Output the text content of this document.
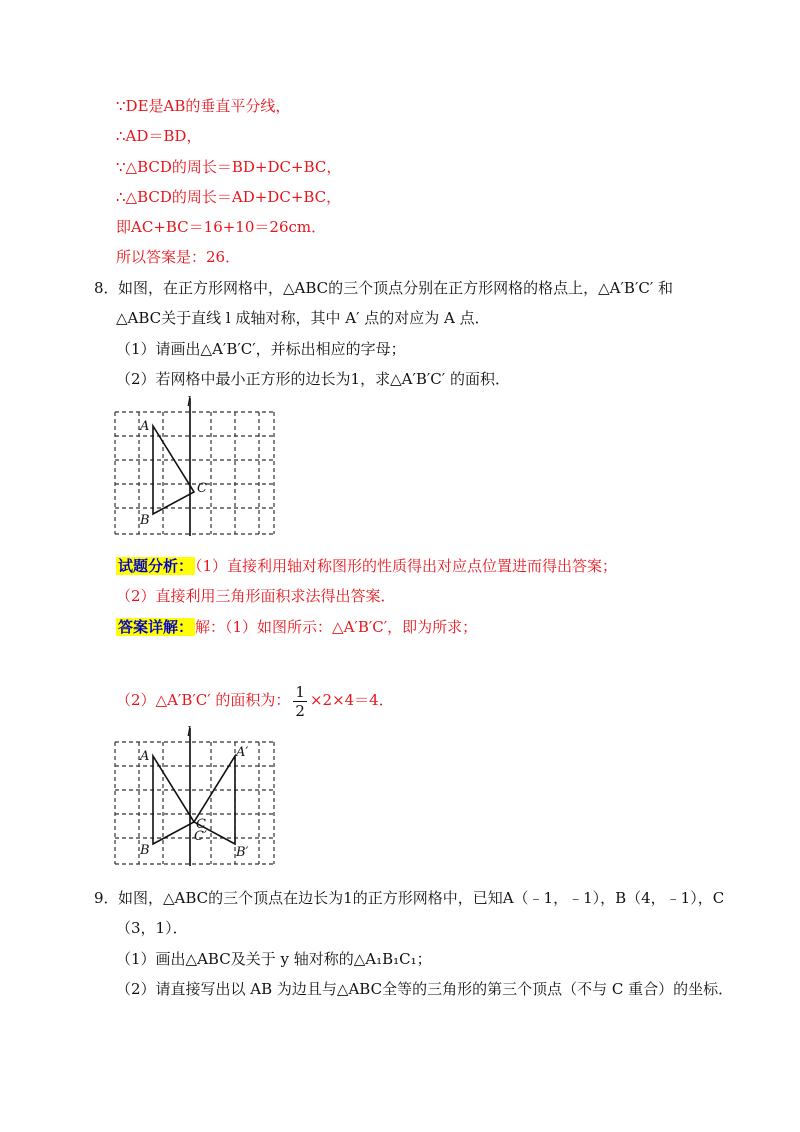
∵DE是AB的垂直平分线，
∴AD＝BD，
∵△BCD的周长＝BD+DC+BC，
∴△BCD的周长＝AD+DC+BC，
即AC+BC＝16+10＝26cm．
所以答案是：26．
8． 如图，在正方形网格中，△ABC的三个顶点分别在正方形网格的格点上，△A′B′C′ 和
△ABC关于直线 l 成轴对称，其中 A′ 点的对应为 A 点．
（1）请画出△A′B′C′，并标出相应的字母；
（2）若网格中最小正方形的边长为1，求△A′B′C′ 的面积．
l
A
B
C
试题分析： （1）直接利用轴对称图形的性质得出对应点位置进而得出答案；
（2）直接利用三角形面积求法得出答案．
答案详解： 解：（1）如图所示：△A′B′C′，即为所求；
（2）△A′B′C′ 的面积为： $\frac{1}{2} \times 2\times 4=4$．
l
A
B
C
A′
B′
C′
9． 如图，△ABC的三个顶点在边长为1的正方形网格中，已知A（﹣1，﹣1），B（4，﹣1），C
（3，1）．
（1）画出△ABC及关于 y 轴对称的△A₁B₁C₁；
（2）请直接写出以 AB 为边且与△ABC全等的三角形的第三个顶点（不与 C 重合）的坐标．
